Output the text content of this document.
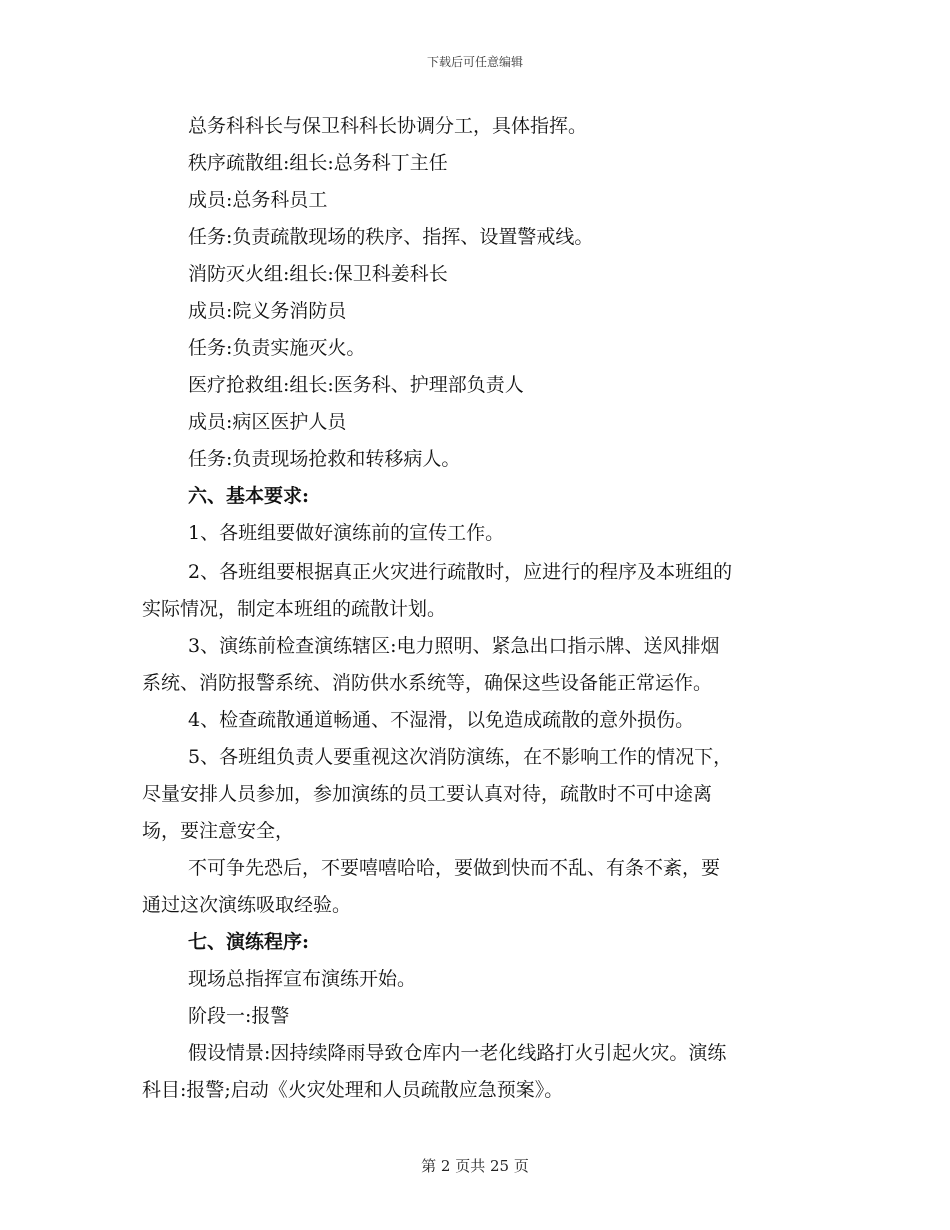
下载后可任意编辑
总务科科长与保卫科科长协调分工，具体指挥。
秩序疏散组:组长:总务科丁主任
成员:总务科员工
任务:负责疏散现场的秩序、指挥、设置警戒线。
消防灭火组:组长:保卫科姜科长
成员:院义务消防员
任务:负责实施灭火。
医疗抢救组:组长:医务科、护理部负责人
成员:病区医护人员
任务:负责现场抢救和转移病人。
六、基本要求:
1、各班组要做好演练前的宣传工作。
2、各班组要根据真正火灾进行疏散时，应进行的程序及本班组的
实际情况，制定本班组的疏散计划。
3、演练前检查演练辖区:电力照明、紧急出口指示牌、送风排烟
系统、消防报警系统、消防供水系统等，确保这些设备能正常运作。
4、检查疏散通道畅通、不湿滑，以免造成疏散的意外损伤。
5、各班组负责人要重视这次消防演练，在不影响工作的情况下，
尽量安排人员参加，参加演练的员工要认真对待，疏散时不可中途离
场，要注意安全，
不可争先恐后，不要嘻嘻哈哈，要做到快而不乱、有条不紊，要
通过这次演练吸取经验。
七、演练程序:
现场总指挥宣布演练开始。
阶段一:报警
假设情景:因持续降雨导致仓库内一老化线路打火引起火灾。演练
科目:报警;启动《火灾处理和人员疏散应急预案》。
第 2 页共 25 页
